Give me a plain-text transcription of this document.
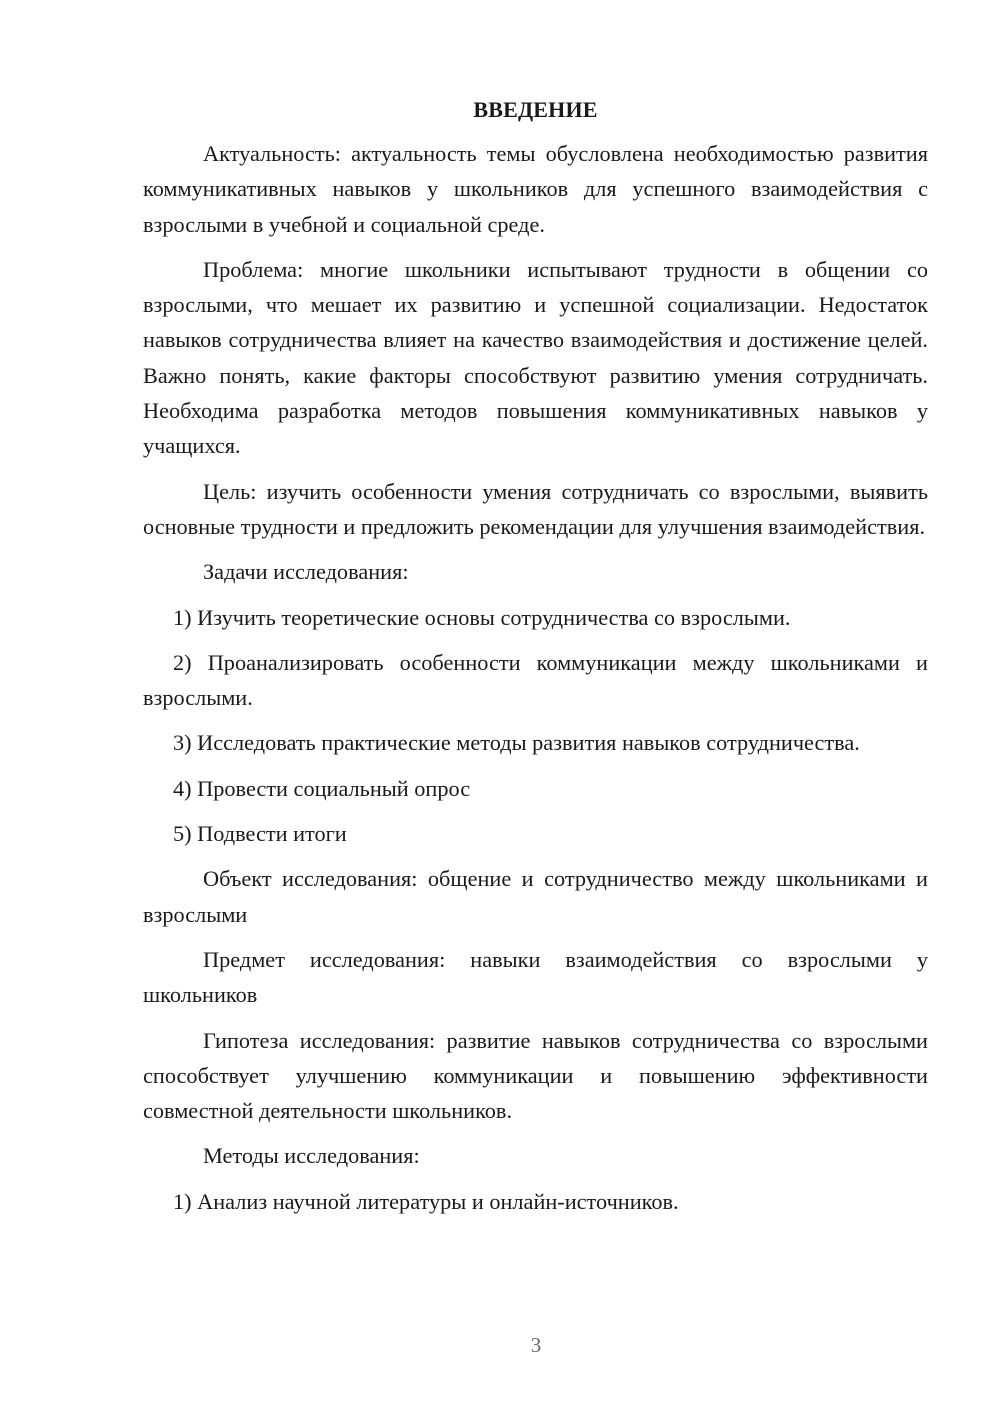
ВВЕДЕНИЕ

Актуальность: актуальность темы обусловлена необходимостью развития коммуникативных навыков у школьников для успешного взаимодействия с взрослыми в учебной и социальной среде.

Проблема: многие школьники испытывают трудности в общении со взрослыми, что мешает их развитию и успешной социализации. Недостаток навыков сотрудничества влияет на качество взаимодействия и достижение целей. Важно понять, какие факторы способствуют развитию умения сотрудничать. Необходима разработка методов повышения коммуникативных навыков у учащихся.

Цель: изучить особенности умения сотрудничать со взрослыми, выявить основные трудности и предложить рекомендации для улучшения взаимодействия.

Задачи исследования:

1) Изучить теоретические основы сотрудничества со взрослыми.

2) Проанализировать особенности коммуникации между школьниками и взрослыми.

3) Исследовать практические методы развития навыков сотрудничества.

4) Провести социальный опрос

5) Подвести итоги

Объект исследования: общение и сотрудничество между школьниками и взрослыми

Предмет исследования: навыки взаимодействия со взрослыми у школьников

Гипотеза исследования: развитие навыков сотрудничества со взрослыми способствует улучшению коммуникации и повышению эффективности совместной деятельности школьников.

Методы исследования:

1) Анализ научной литературы и онлайн-источников.

3
